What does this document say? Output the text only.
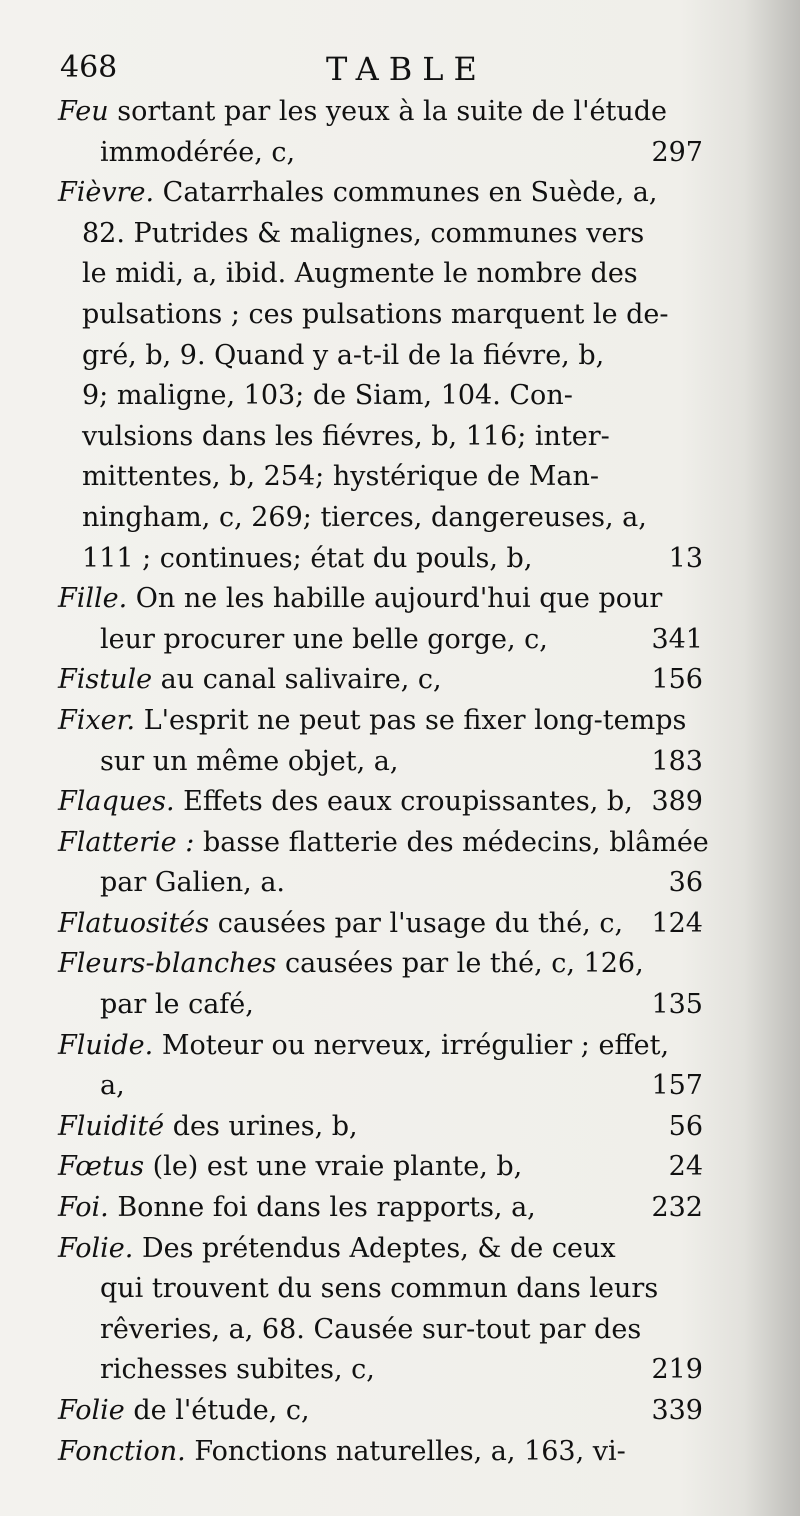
468	TABLE
Feu sortant par les yeux à la suite de l'étude
immodérée, c,	297
Fièvre. Catarrhales communes en Suède, a,
82. Putrides & malignes, communes vers
le midi, a, ibid. Augmente le nombre des
pulsations ; ces pulsations marquent le de-
gré, b, 9. Quand y a-t-il de la fiévre, b,
9; maligne, 103; de Siam, 104. Con-
vulsions dans les fiévres, b, 116; inter-
mittentes, b, 254; hystérique de Man-
ningham, c, 269; tierces, dangereuses, a,
111 ; continues; état du pouls, b,	13
Fille. On ne les habille aujourd'hui que pour
leur procurer une belle gorge, c,	341
Fistule au canal salivaire, c,	156
Fixer. L'esprit ne peut pas se fixer long-temps
sur un même objet, a,	183
Flaques. Effets des eaux croupissantes, b, 389
Flatterie : basse flatterie des médecins, blâmée
par Galien, a.	36
Flatuosités causées par l'usage du thé, c, 124
Fleurs-blanches causées par le thé, c, 126,
par le café,	135
Fluide. Moteur ou nerveux, irrégulier ; effet,
a,	157
Fluidité des urines, b,	56
Fœtus (le) est une vraie plante, b,	24
Foi. Bonne foi dans les rapports, a,	232
Folie. Des prétendus Adeptes, & de ceux
qui trouvent du sens commun dans leurs
rêveries, a, 68. Causée sur-tout par des
richesses subites, c,	219
Folie de l'étude, c,	339
Fonction. Fonctions naturelles, a, 163, vi-
